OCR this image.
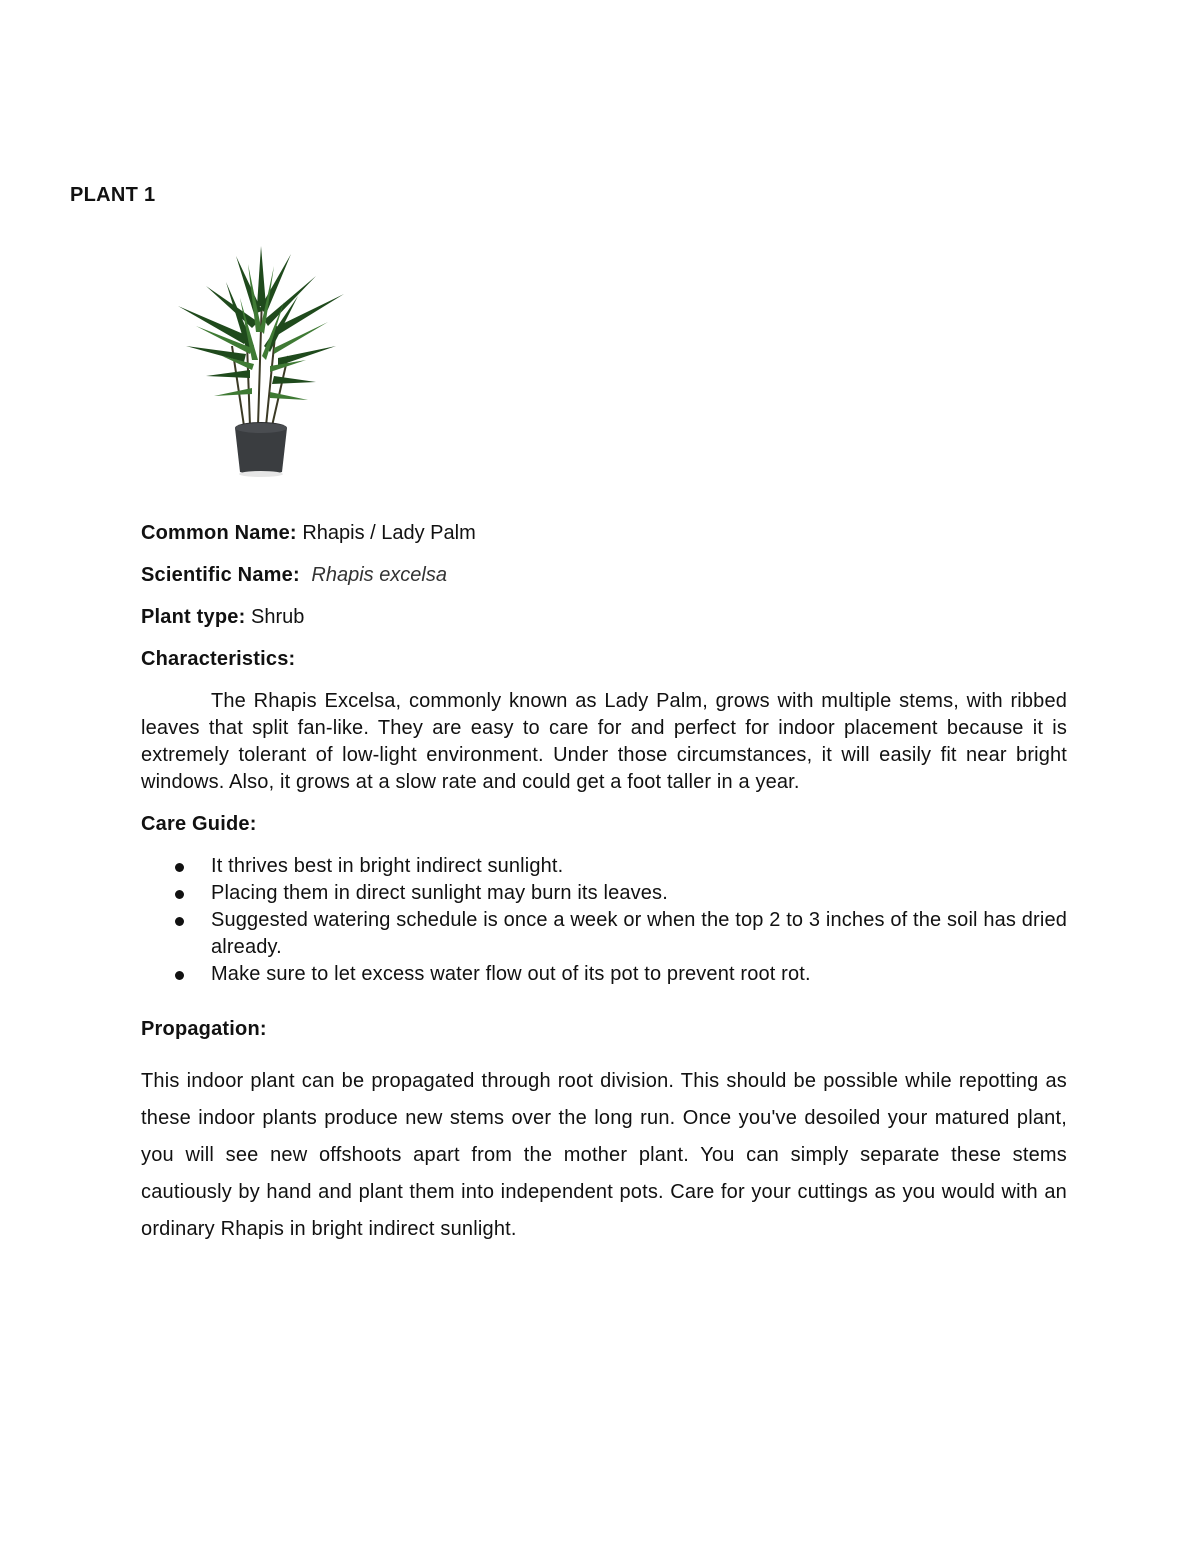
PLANT 1
Common Name: Rhapis / Lady Palm
Scientific Name: Rhapis excelsa
Plant type: Shrub
Characteristics:

The Rhapis Excelsa, commonly known as Lady Palm, grows with multiple stems, with ribbed leaves that split fan-like. They are easy to care for and perfect for indoor placement because it is extremely tolerant of low-light environment. Under those circumstances, it will easily fit near bright windows. Also, it grows at a slow rate and could get a foot taller in a year.

Care Guide:
It thrives best in bright indirect sunlight.
Placing them in direct sunlight may burn its leaves.
Suggested watering schedule is once a week or when the top 2 to 3 inches of the soil has dried already.
Make sure to let excess water flow out of its pot to prevent root rot.
Propagation:

This indoor plant can be propagated through root division. This should be possible while repotting as these indoor plants produce new stems over the long run. Once you've desoiled your matured plant, you will see new offshoots apart from the mother plant. You can simply separate these stems cautiously by hand and plant them into independent pots. Care for your cuttings as you would with an ordinary Rhapis in bright indirect sunlight.
